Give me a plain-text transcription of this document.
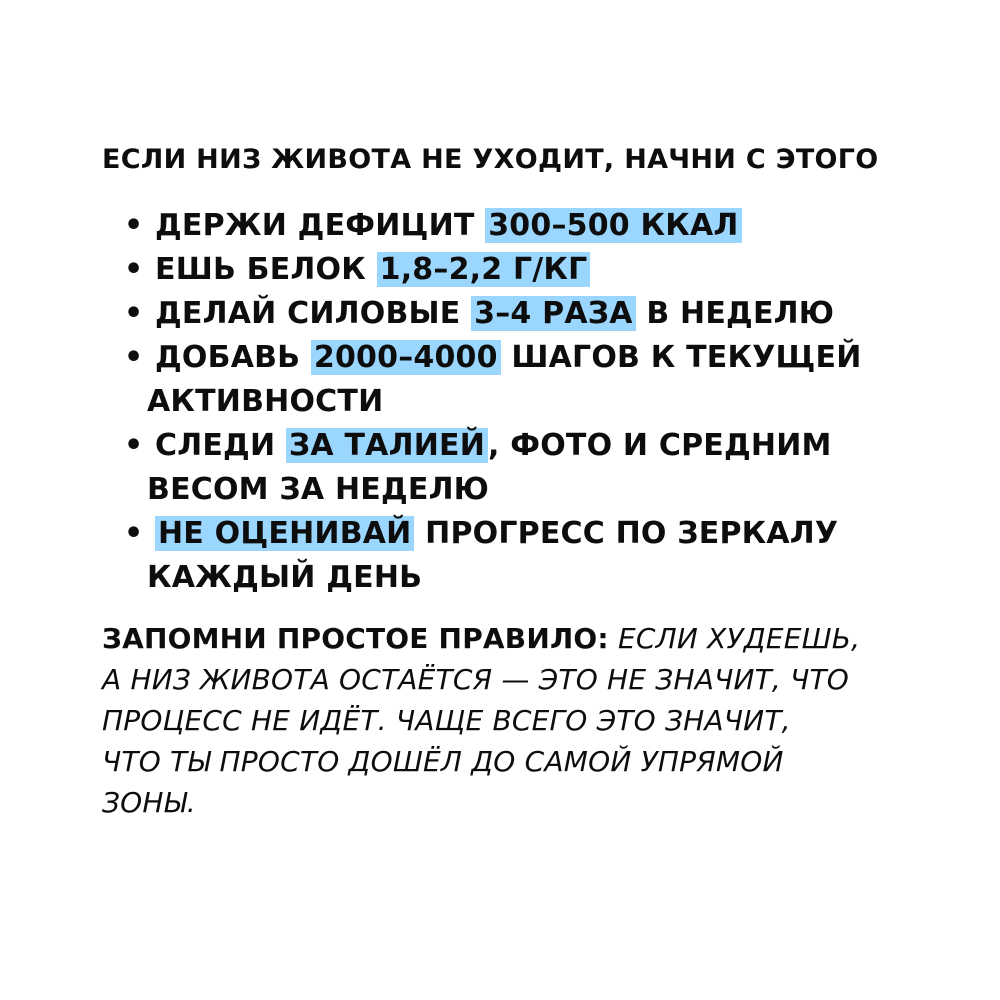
ЕСЛИ НИЗ ЖИВОТА НЕ УХОДИТ, НАЧНИ С ЭТОГО
• ДЕРЖИ ДЕФИЦИТ 300–500 ККАЛ
• ЕШЬ БЕЛОК 1,8–2,2 Г/КГ
• ДЕЛАЙ СИЛОВЫЕ 3–4 РАЗА В НЕДЕЛЮ
• ДОБАВЬ 2000–4000 ШАГОВ К ТЕКУЩЕЙ
АКТИВНОСТИ
• СЛЕДИ ЗА ТАЛИЕЙ , ФОТО И СРЕДНИМ
ВЕСОМ ЗА НЕДЕЛЮ
• НЕ ОЦЕНИВАЙ ПРОГРЕСС ПО ЗЕРКАЛУ
КАЖДЫЙ ДЕНЬ
ЗАПОМНИ ПРОСТОЕ ПРАВИЛО: ЕСЛИ ХУДЕЕШЬ,
А НИЗ ЖИВОТА ОСТАЁТСЯ — ЭТО НЕ ЗНАЧИТ, ЧТО
ПРОЦЕСС НЕ ИДЁТ. ЧАЩЕ ВСЕГО ЭТО ЗНАЧИТ,
ЧТО ТЫ ПРОСТО ДОШЁЛ ДО САМОЙ УПРЯМОЙ
ЗОНЫ.
